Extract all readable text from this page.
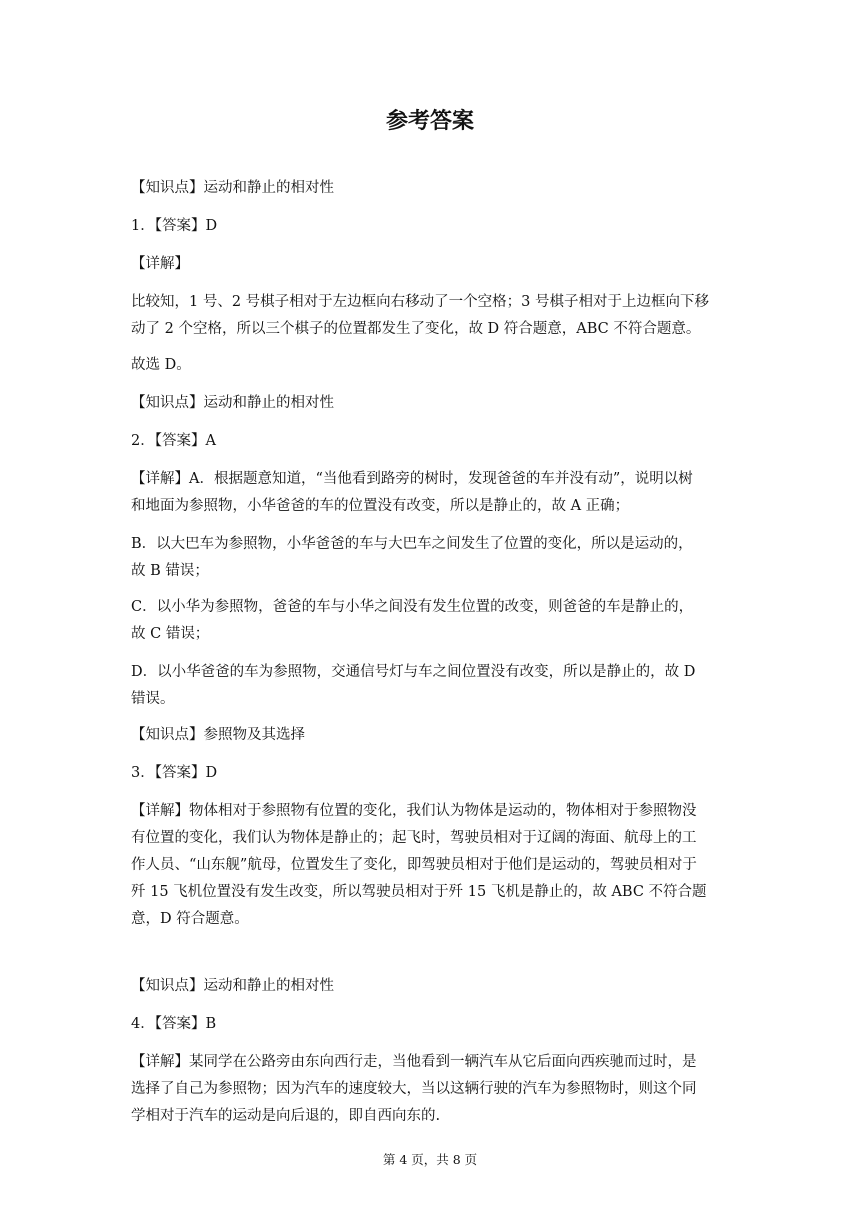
参考答案
【知识点】运动和静止的相对性
1．【答案】D
【详解】
比较知，1 号、2 号棋子相对于左边框向右移动了一个空格；3 号棋子相对于上边框向下移
动了 2 个空格，所以三个棋子的位置都发生了变化，故 D 符合题意，ABC 不符合题意。
故选 D。
【知识点】运动和静止的相对性
2．【答案】A
【详解】A．根据题意知道，“当他看到路旁的树时，发现爸爸的车并没有动”，说明以树
和地面为参照物，小华爸爸的车的位置没有改变，所以是静止的，故 A 正确；
B．以大巴车为参照物，小华爸爸的车与大巴车之间发生了位置的变化，所以是运动的，
故 B 错误；
C．以小华为参照物，爸爸的车与小华之间没有发生位置的改变，则爸爸的车是静止的，
故 C 错误；
D．以小华爸爸的车为参照物，交通信号灯与车之间位置没有改变，所以是静止的，故 D
错误。
【知识点】参照物及其选择
3．【答案】D
【详解】物体相对于参照物有位置的变化，我们认为物体是运动的，物体相对于参照物没
有位置的变化，我们认为物体是静止的；起飞时，驾驶员相对于辽阔的海面、航母上的工
作人员、“山东舰”航母，位置发生了变化，即驾驶员相对于他们是运动的，驾驶员相对于
歼 15 飞机位置没有发生改变，所以驾驶员相对于歼 15 飞机是静止的，故 ABC 不符合题
意，D 符合题意。
【知识点】运动和静止的相对性
4．【答案】B
【详解】某同学在公路旁由东向西行走，当他看到一辆汽车从它后面向西疾驰而过时，是
选择了自己为参照物；因为汽车的速度较大，当以这辆行驶的汽车为参照物时，则这个同
学相对于汽车的运动是向后退的，即自西向东的.
第 4 页，共 8 页
